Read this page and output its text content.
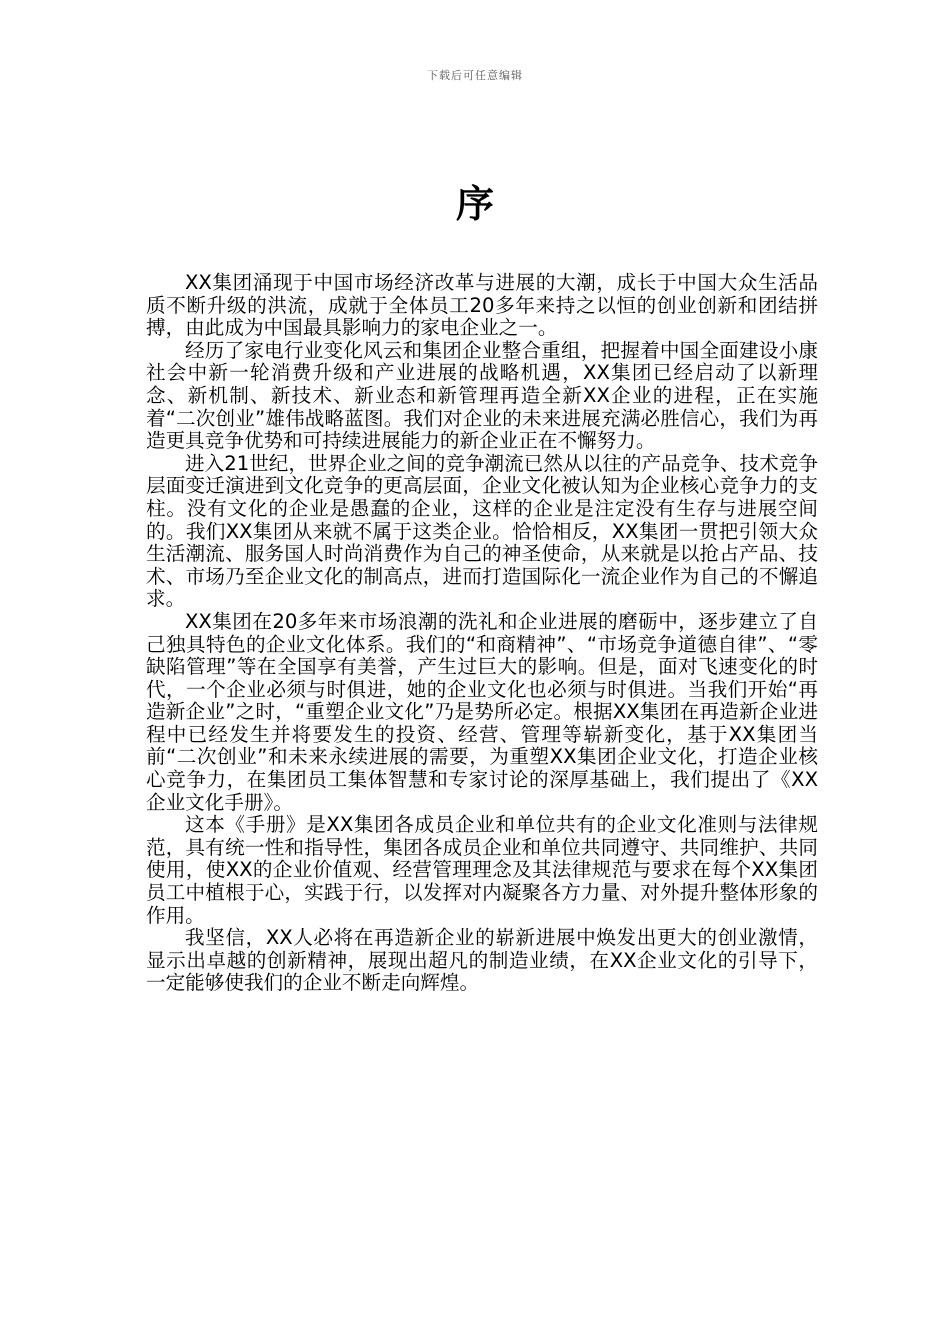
下载后可任意编辑
序

XX集团涌现于中国市场经济改革与进展的大潮，成长于中国大众生活品质不断升级的洪流，成就于全体员工20多年来持之以恒的创业创新和团结拼搏，由此成为中国最具影响力的家电企业之一。

经历了家电行业变化风云和集团企业整合重组，把握着中国全面建设小康社会中新一轮消费升级和产业进展的战略机遇，XX集团已经启动了以新理念、新机制、新技术、新业态和新管理再造全新XX企业的进程，正在实施着“二次创业”雄伟战略蓝图。我们对企业的未来进展充满必胜信心，我们为再造更具竞争优势和可持续进展能力的新企业正在不懈努力。

进入21世纪，世界企业之间的竞争潮流已然从以往的产品竞争、技术竞争层面变迁演进到文化竞争的更高层面，企业文化被认知为企业核心竞争力的支柱。没有文化的企业是愚蠢的企业，这样的企业是注定没有生存与进展空间的。我们XX集团从来就不属于这类企业。恰恰相反，XX集团一贯把引领大众生活潮流、服务国人时尚消费作为自己的神圣使命，从来就是以抢占产品、技术、市场乃至企业文化的制高点，进而打造国际化一流企业作为自己的不懈追求。

XX集团在20多年来市场浪潮的洗礼和企业进展的磨砺中，逐步建立了自己独具特色的企业文化体系。我们的“和商精神”、“市场竞争道德自律”、“零缺陷管理”等在全国享有美誉，产生过巨大的影响。但是，面对飞速变化的时代，一个企业必须与时俱进，她的企业文化也必须与时俱进。当我们开始“再造新企业”之时，“重塑企业文化”乃是势所必定。根据XX集团在再造新企业进程中已经发生并将要发生的投资、经营、管理等崭新变化，基于XX集团当前“二次创业”和未来永续进展的需要，为重塑XX集团企业文化，打造企业核心竞争力，在集团员工集体智慧和专家讨论的深厚基础上，我们提出了《XX企业文化手册》。

这本《手册》是XX集团各成员企业和单位共有的企业文化准则与法律规范，具有统一性和指导性，集团各成员企业和单位共同遵守、共同维护、共同使用，使XX的企业价值观、经营管理理念及其法律规范与要求在每个XX集团员工中植根于心，实践于行，以发挥对内凝聚各方力量、对外提升整体形象的作用。

我坚信，XX人必将在再造新企业的崭新进展中焕发出更大的创业激情，显示出卓越的创新精神，展现出超凡的制造业绩，在XX企业文化的引导下，一定能够使我们的企业不断走向辉煌。
